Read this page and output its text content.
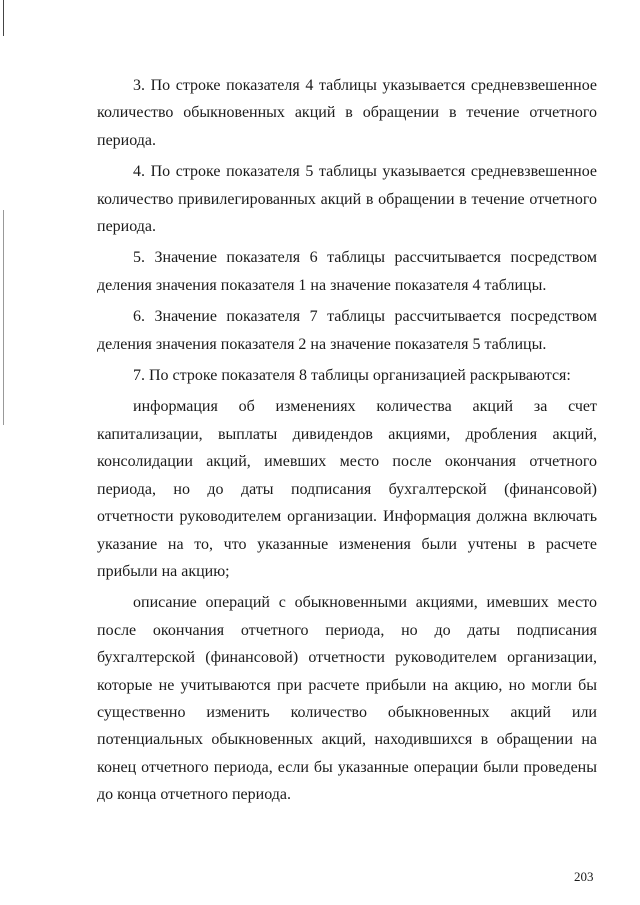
3. По строке показателя 4 таблицы указывается средневзвешенное количество обыкновенных акций в обращении в течение отчетного периода.

4. По строке показателя 5 таблицы указывается средневзвешенное количество привилегированных акций в обращении в течение отчетного периода.

5. Значение показателя 6 таблицы рассчитывается посредством деления значения показателя 1 на значение показателя 4 таблицы.

6. Значение показателя 7 таблицы рассчитывается посредством деления значения показателя 2 на значение показателя 5 таблицы.

7. По строке показателя 8 таблицы организацией раскрываются:

информация об изменениях количества акций за счет капитализации, выплаты дивидендов акциями, дробления акций, консолидации акций, имевших место после окончания отчетного периода, но до даты подписания бухгалтерской (финансовой) отчетности руководителем организации. Информация должна включать указание на то, что указанные изменения были учтены в расчете прибыли на акцию;

описание операций с обыкновенными акциями, имевших место после окончания отчетного периода, но до даты подписания бухгалтерской (финансовой) отчетности руководителем организации, которые не учитываются при расчете прибыли на акцию, но могли бы существенно изменить количество обыкновенных акций или потенциальных обыкновенных акций, находившихся в обращении на конец отчетного периода, если бы указанные операции были проведены до конца отчетного периода.

203
